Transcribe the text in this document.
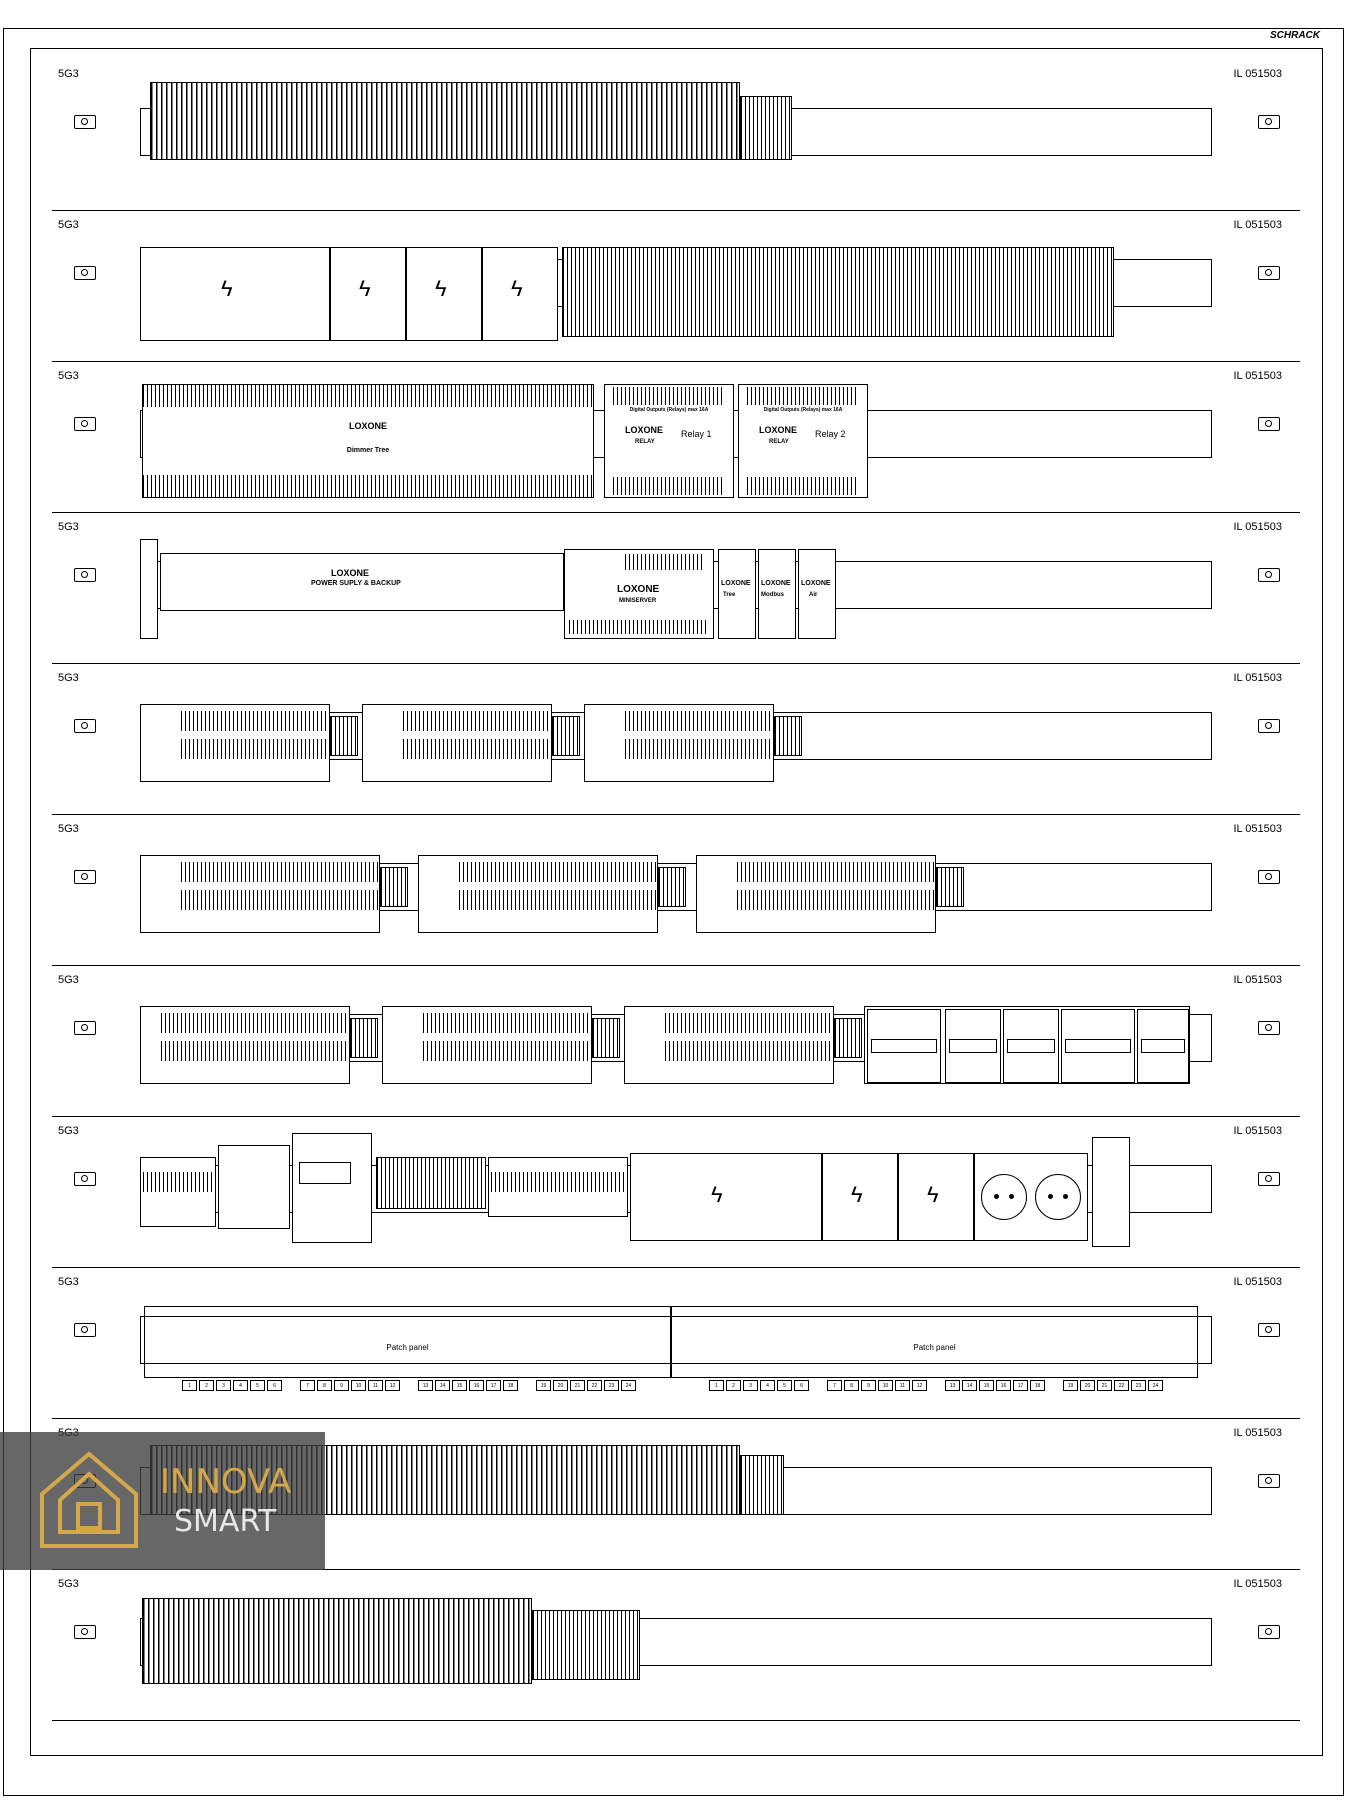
SCHRACK
5G3	IL 051503
5G3	IL 051503
ϟ	ϟ	ϟ	ϟ
5G3	IL 051503
LOXONE
Dimmer Tree
Digital Outputs (Relays) max 16A
LOXONE Relay 1
RELAY
Digital Outputs (Relays) max 16A
LOXONE Relay 2
RELAY
5G3	IL 051503
LOXONE
POWER SUPLY & BACKUP
LOXONE
MINISERVER
LOXONE
Tree
LOXONE
Modbus
LOXONE
Air
5G3	IL 051503
5G3	IL 051503
5G3	IL 051503
5G3	IL 051503
ϟ	ϟ	ϟ
5G3	IL 051503
Patch panel	Patch panel
1	2	3	4	5	6	7	8	9	10	11	12	13	14	15	16	17	18	19	20	21	22	23	24	1	2	3	4	5	6	7	8	9	10	11	12	13	14	15	16	17	18	19	20	21	22	23	24
IL 051503
5G3	IL 051503
INNOVA
SMART
